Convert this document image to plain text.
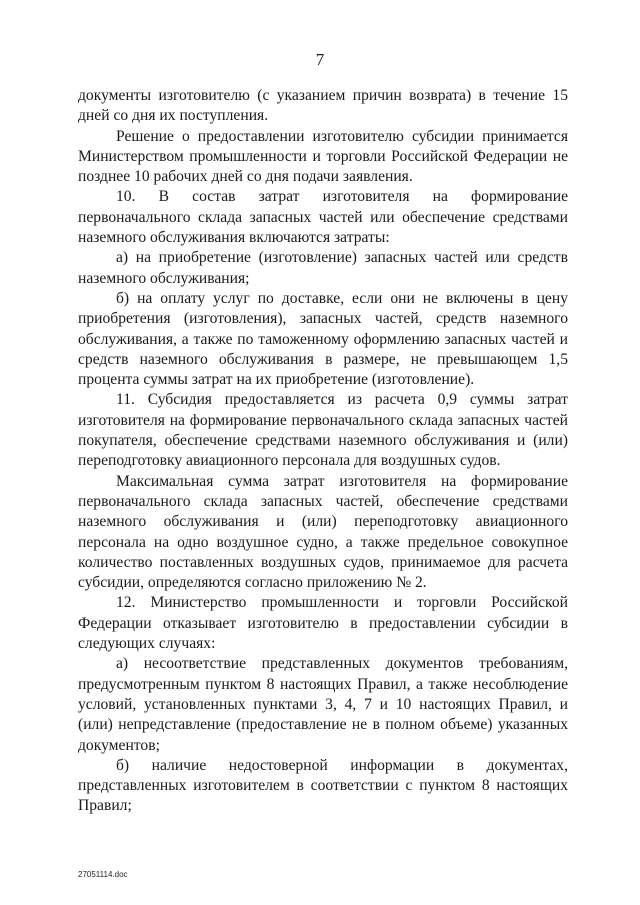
7

документы изготовителю (с указанием причин возврата) в течение 15 дней со дня их поступления.

Решение о предоставлении изготовителю субсидии принимается Министерством промышленности и торговли Российской Федерации не позднее 10 рабочих дней со дня подачи заявления.

10. В состав затрат изготовителя на формирование первоначального склада запасных частей или обеспечение средствами наземного обслуживания включаются затраты:

а) на приобретение (изготовление) запасных частей или средств наземного обслуживания;

б) на оплату услуг по доставке, если они не включены в цену приобретения (изготовления), запасных частей, средств наземного обслуживания, а также по таможенному оформлению запасных частей и средств наземного обслуживания в размере, не превышающем 1,5 процента суммы затрат на их приобретение (изготовление).

11. Субсидия предоставляется из расчета 0,9 суммы затрат изготовителя на формирование первоначального склада запасных частей покупателя, обеспечение средствами наземного обслуживания и (или) переподготовку авиационного персонала для воздушных судов.

Максимальная сумма затрат изготовителя на формирование первоначального склада запасных частей, обеспечение средствами наземного обслуживания и (или) переподготовку авиационного персонала на одно воздушное судно, а также предельное совокупное количество поставленных воздушных судов, принимаемое для расчета субсидии, определяются согласно приложению № 2.

12. Министерство промышленности и торговли Российской Федерации отказывает изготовителю в предоставлении субсидии в следующих случаях:

а) несоответствие представленных документов требованиям, предусмотренным пунктом 8 настоящих Правил, а также несоблюдение условий, установленных пунктами 3, 4, 7 и 10 настоящих Правил, и (или) непредставление (предоставление не в полном объеме) указанных документов;

б) наличие недостоверной информации в документах, представленных изготовителем в соответствии с пунктом 8 настоящих Правил;

27051114.doc
